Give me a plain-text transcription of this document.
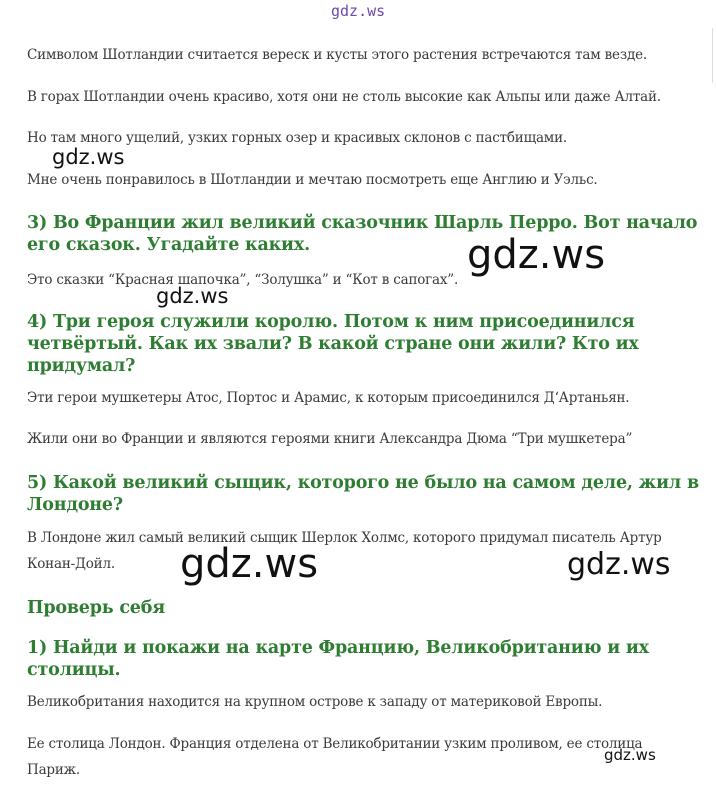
gdz.ws
Символом Шотландии считается вереск и кусты этого растения встречаются там везде.
В горах Шотландии очень красиво, хотя они не столь высокие как Альпы или даже Алтай.
Но там много ущелий, узких горных озер и красивых склонов с пастбищами.
gdz.ws
Мне очень понравилось в Шотландии и мечтаю посмотреть еще Англию и Уэльс.
3) Во Франции жил великий сказочник Шарль Перро. Вот начало
его сказок. Угадайте каких.	gdz.ws
Это сказки “Красная шапочка”, “Золушка” и “Кот в сапогах”.
gdz.ws
4) Три героя служили королю. Потом к ним присоединился
четвёртый. Как их звали? В какой стране они жили? Кто их
придумал?
Эти герои мушкетеры Атос, Портос и Арамис, к которым присоединился Д‘Артаньян.
Жили они во Франции и являются героями книги Александра Дюма “Три мушкетера”
5) Какой великий сыщик, которого не было на самом деле, жил в
Лондоне?
В Лондоне жил самый великий сыщик Шерлок Холмс, которого придумал писатель Артур
Конан-Дойл. gdz.ws	gdz.ws
Проверь себя
1) Найди и покажи на карте Францию, Великобританию и их
столицы.
Великобритания находится на крупном острове к западу от материковой Европы.
Ее столица Лондон. Франция отделена от Великобритании узким проливом, ее столица
gdz.ws
Париж.
